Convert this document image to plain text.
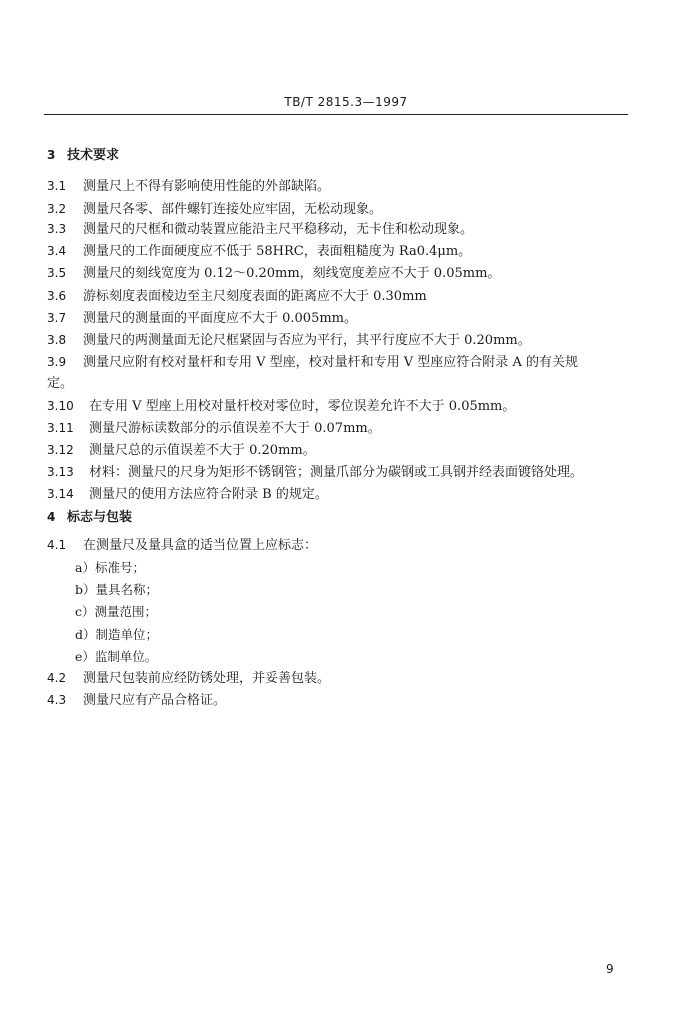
TB/T 2815.3—1997
3 技术要求
3.1 测量尺上不得有影响使用性能的外部缺陷。
3.2 测量尺各零、部件螺钉连接处应牢固，无松动现象。
3.3 测量尺的尺框和微动装置应能沿主尺平稳移动，无卡住和松动现象。
3.4 测量尺的工作面硬度应不低于 58HRC，表面粗糙度为 Ra0.4μm。
3.5 测量尺的刻线宽度为 0.12～0.20mm，刻线宽度差应不大于 0.05mm。
3.6 游标刻度表面棱边至主尺刻度表面的距离应不大于 0.30mm
3.7 测量尺的测量面的平面度应不大于 0.005mm。
3.8 测量尺的两测量面无论尺框紧固与否应为平行，其平行度应不大于 0.20mm。
3.9 测量尺应附有校对量杆和专用 V 型座，校对量杆和专用 V 型座应符合附录 A 的有关规
定。
3.10 在专用 V 型座上用校对量杆校对零位时，零位误差允许不大于 0.05mm。
3.11 测量尺游标读数部分的示值误差不大于 0.07mm。
3.12 测量尺总的示值误差不大于 0.20mm。
3.13 材料：测量尺的尺身为矩形不锈钢管；测量爪部分为碳钢或工具钢并经表面镀铬处理。
3.14 测量尺的使用方法应符合附录 B 的规定。
4 标志与包装
4.1 在测量尺及量具盒的适当位置上应标志：
a）标准号；
b）量具名称；
c）测量范围；
d）制造单位；
e）监制单位。
4.2 测量尺包装前应经防锈处理，并妥善包装。
4.3 测量尺应有产品合格证。
9
